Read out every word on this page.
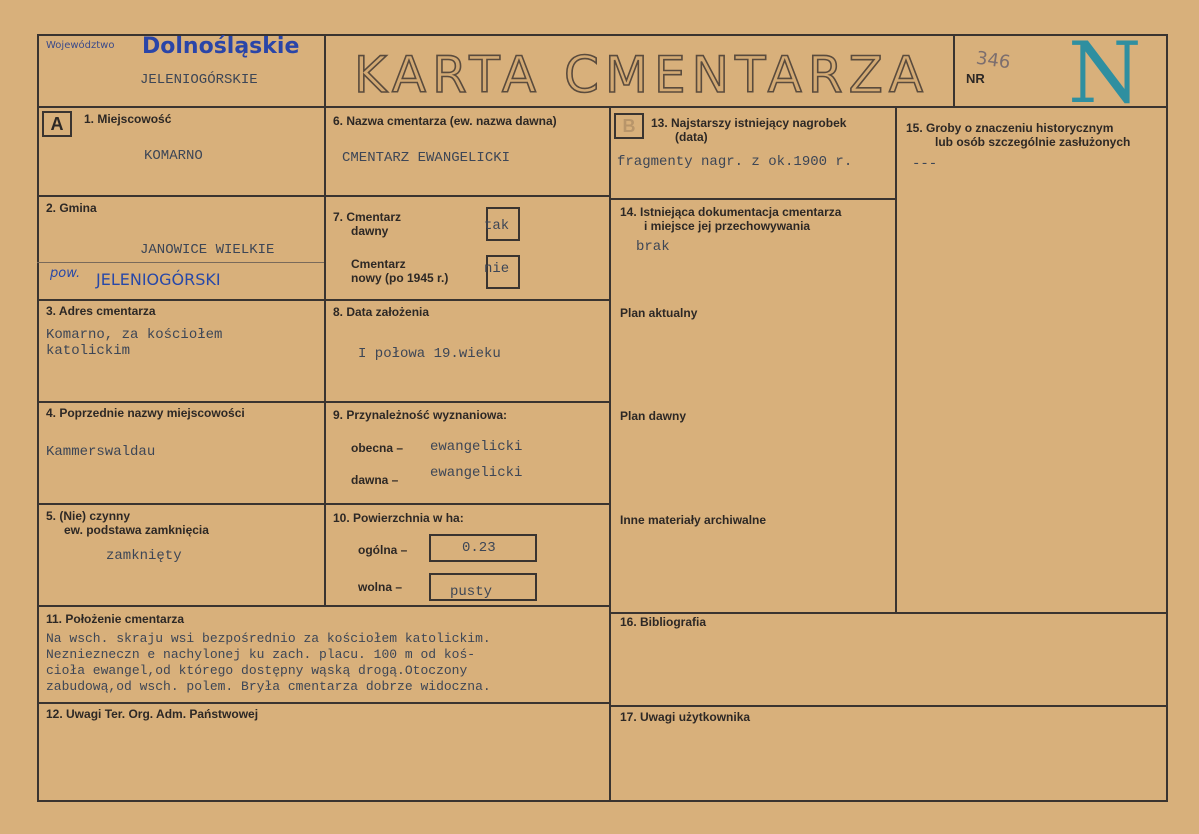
Województwo Dolnośląskie
JELENIOGÓRSKIE KARTA CMENTARZA	NR
346 N
A	B
1. Miejscowość
KOMARNO
2. Gmina
JANOWICE WIELKIE
pow. JELENIOGÓRSKI
3. Adres cmentarza
Komarno, za kościołem
katolickim
4. Poprzednie nazwy miejscowości
Kammerswaldau
5. (Nie) czynny
ew. podstawa zamknięcia
zamknięty
6. Nazwa cmentarza (ew. nazwa dawna)
CMENTARZ EWANGELICKI
7. Cmentarz
dawny	tak
Cmentarz
nowy (po 1945 r.)
nie
8. Data założenia
I połowa 19.wieku
9. Przynależność wyznaniowa:
obecna – ewangelicki
dawna – ewangelicki
10. Powierzchnia w ha:
ogólna –	0.23
wolna –	pusty
11. Położenie cmentarza
Na wsch. skraju wsi bezpośrednio za kościołem katolickim.
Nezniezneczn e nachylonej ku zach. placu. 100 m od koś-
cioła ewangel,od którego dostępny wąską drogą.Otoczony
zabudową,od wsch. polem. Bryła cmentarza dobrze widoczna.
12. Uwagi Ter. Org. Adm. Państwowej
13. Najstarszy istniejący nagrobek
(data)
fragmenty nagr. z ok.1900 r.
14. Istniejąca dokumentacja cmentarza
i miejsce jej przechowywania
brak
Plan aktualny
Plan dawny
Inne materiały archiwalne
15. Groby o znaczeniu historycznym
lub osób szczególnie zasłużonych
---
16. Bibliografia
17. Uwagi użytkownika
